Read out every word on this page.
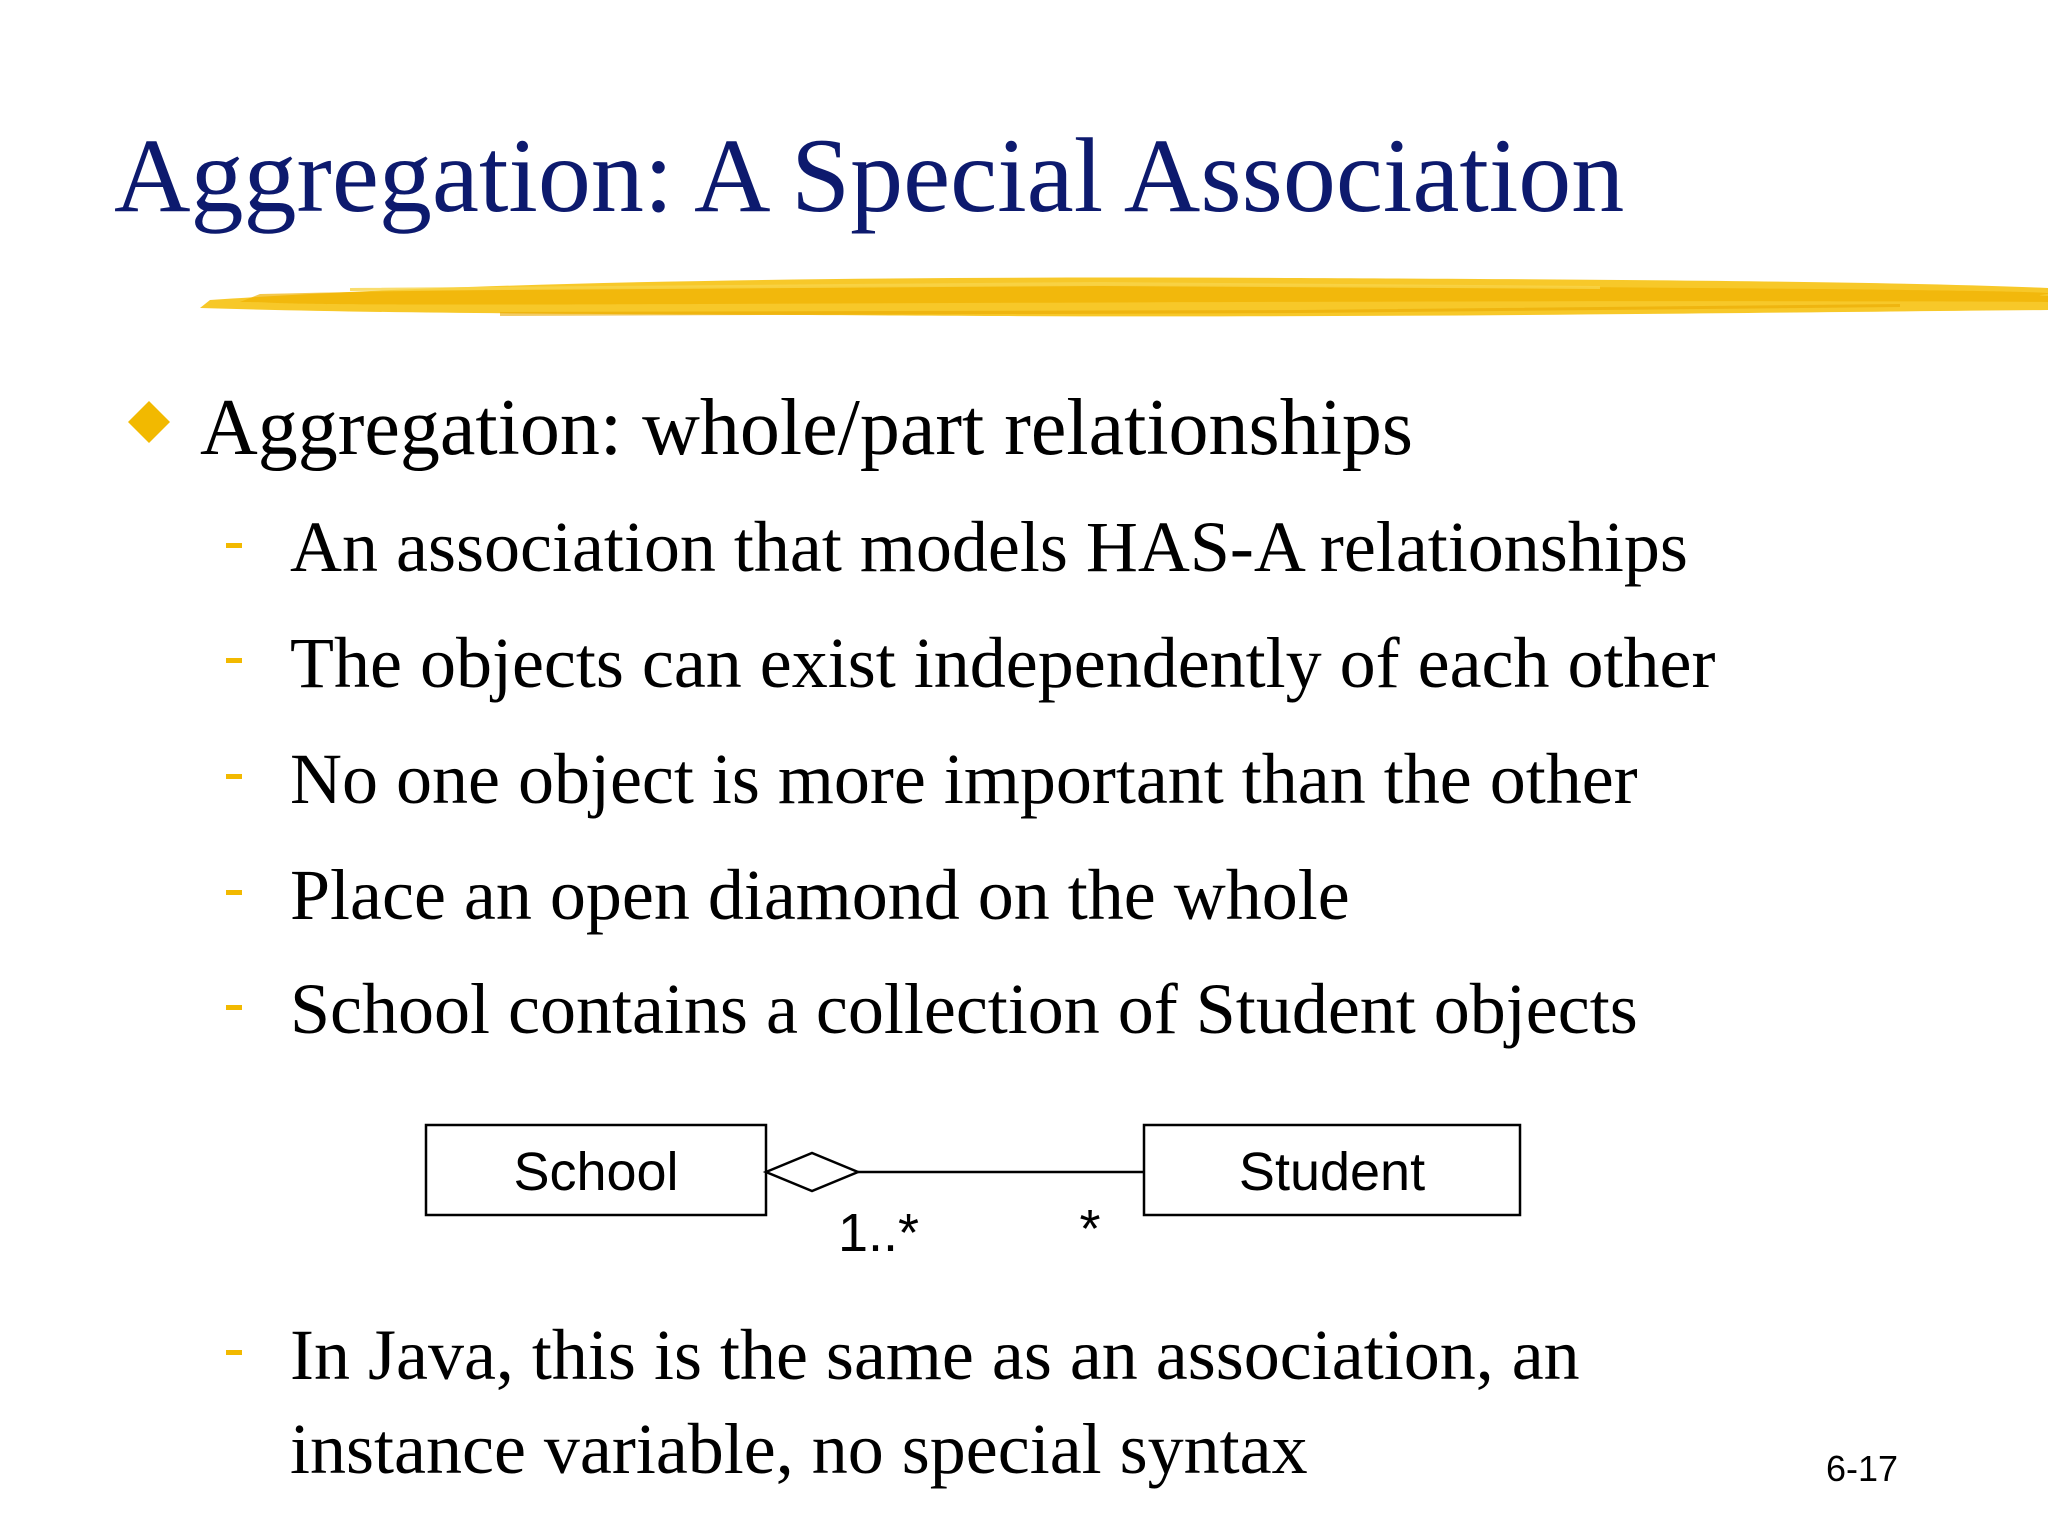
Aggregation: A Special Association
Aggregation: whole/part relationships
An association that models HAS-A relationships
The objects can exist independently of each other
No one object is more important than the other
Place an open diamond on the whole
School contains a collection of Student objects
School	Student
1..*	*
In Java, this is the same as an association, an
instance variable, no special syntax	6-17
